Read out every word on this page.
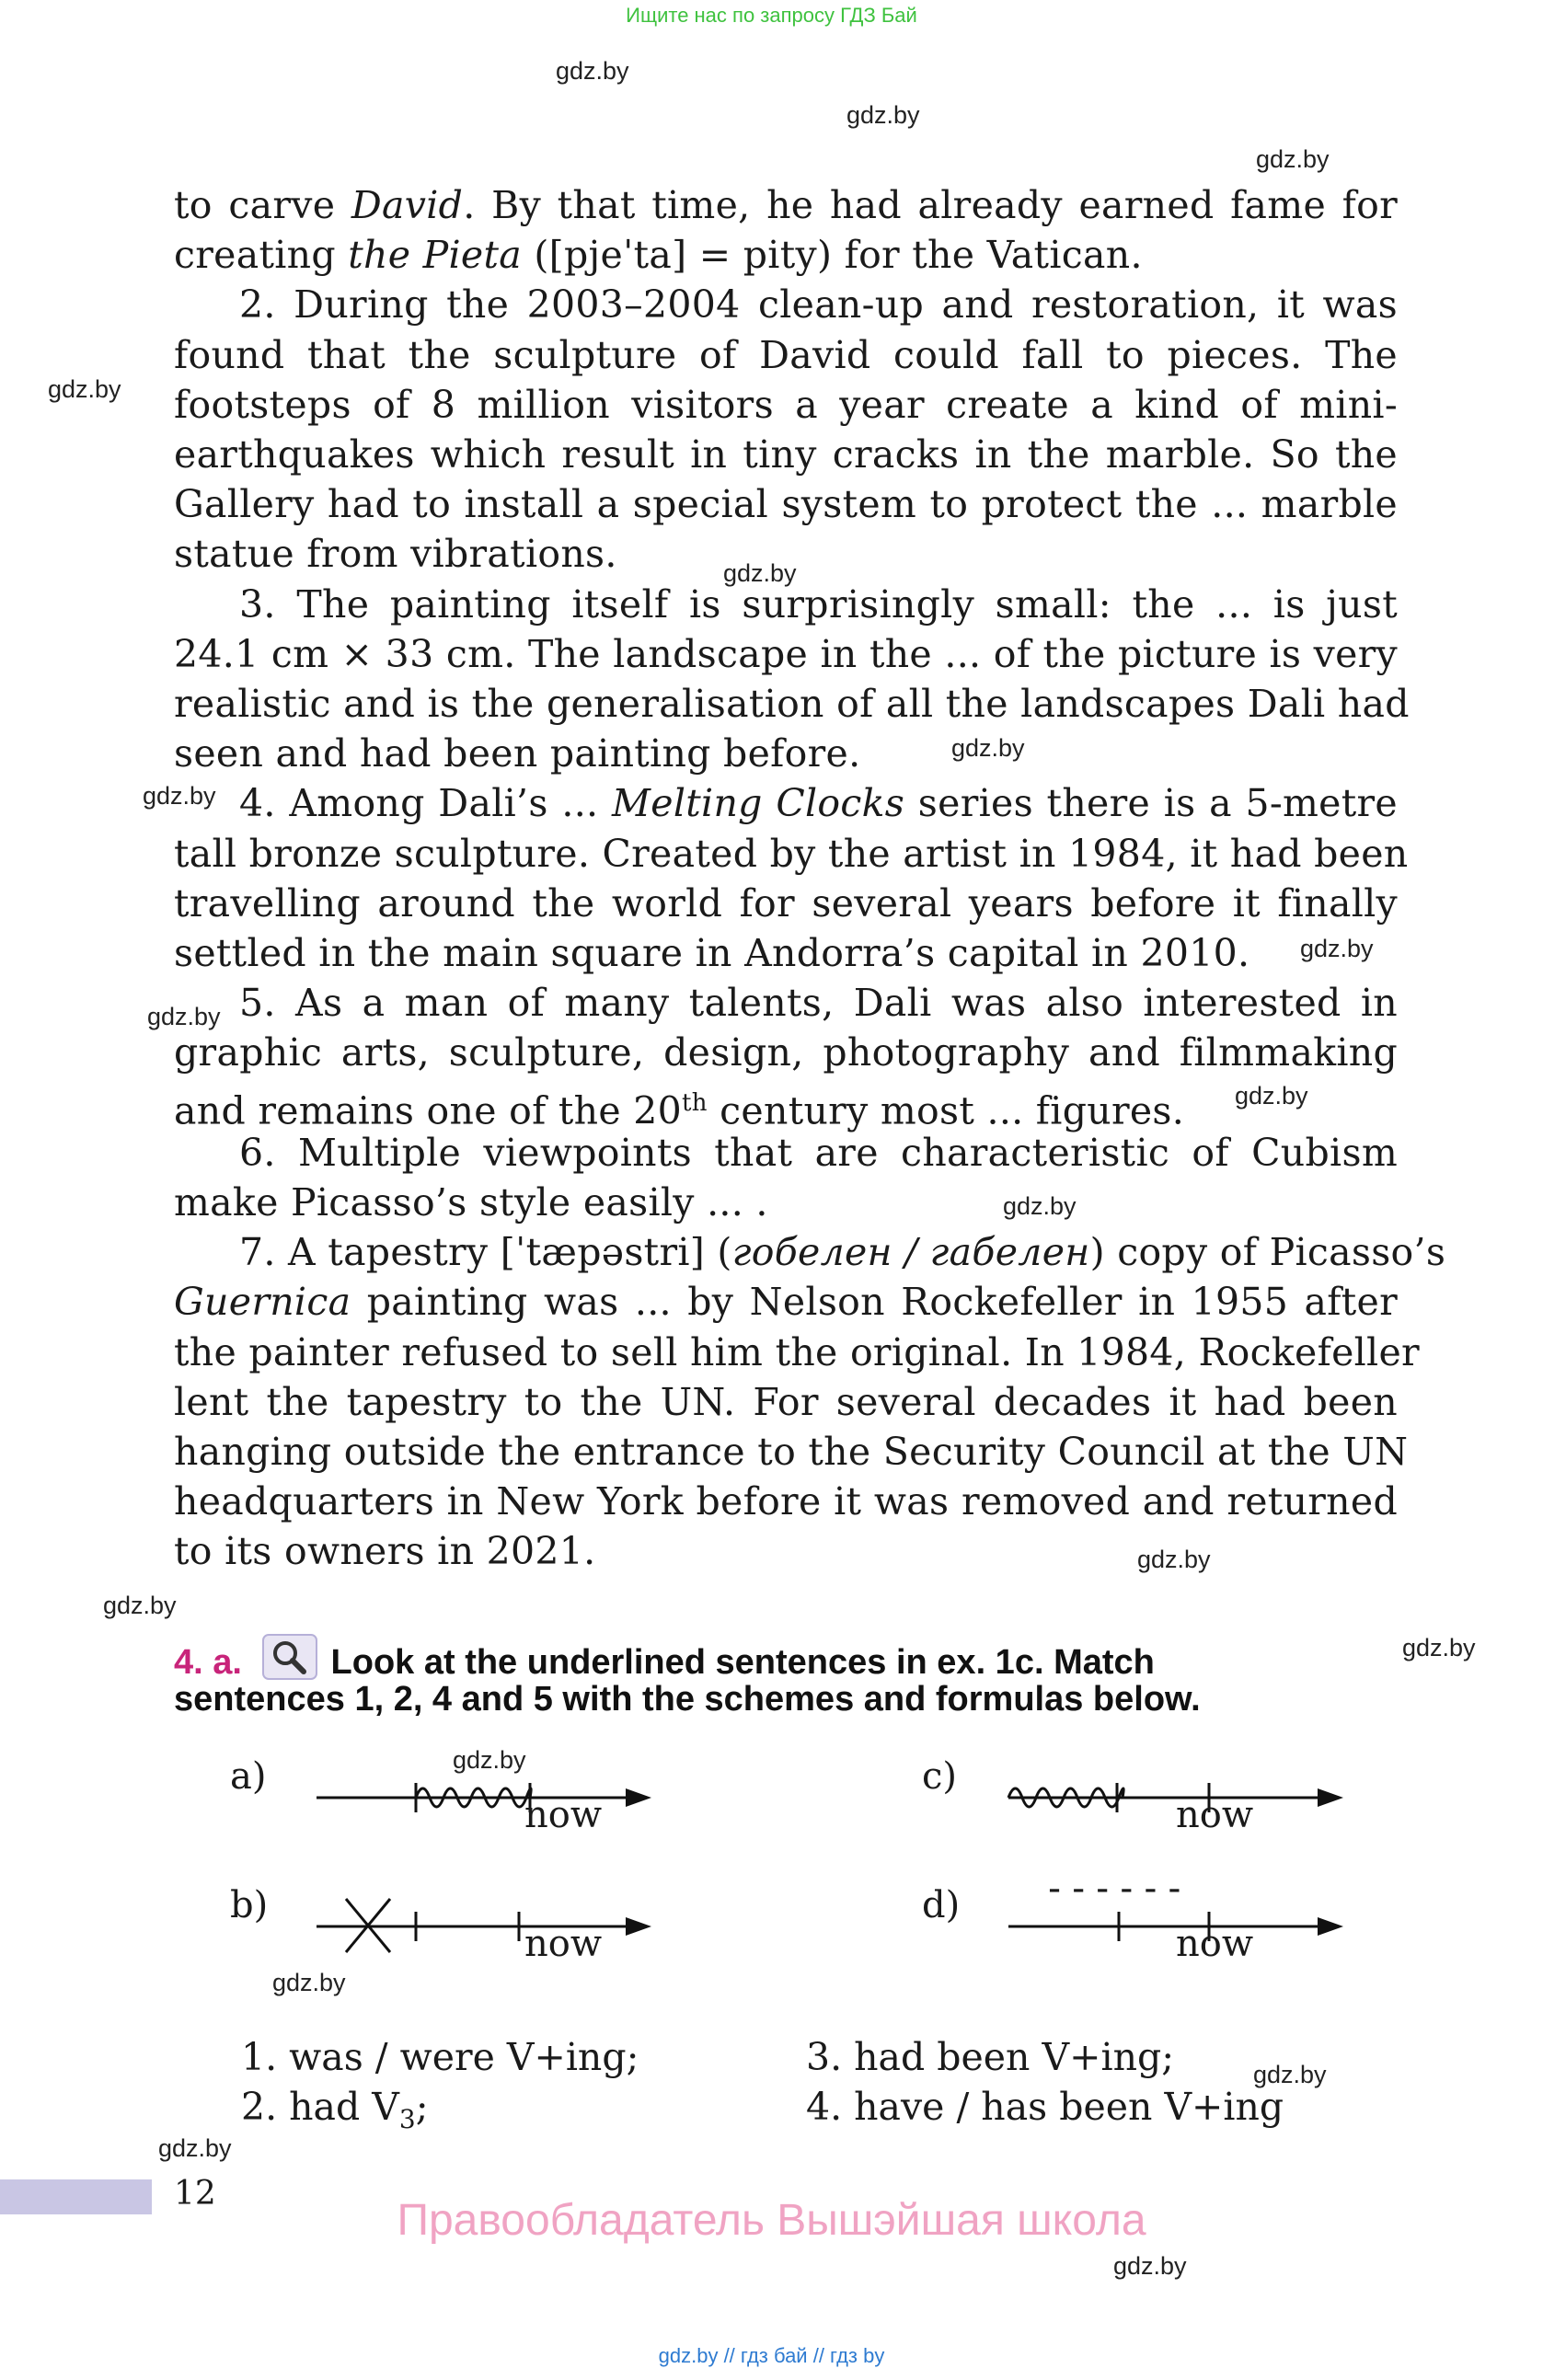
Ищите нас по запросу ГДЗ Бай
gdz.by
gdz.by
gdz.by
gdz.by
gdz.by
gdz.by
gdz.by
gdz.by
gdz.by
gdz.by
gdz.by
gdz.by
gdz.by
gdz.by
gdz.by
gdz.by
gdz.by
gdz.by
gdz.by
to carve David. By that time, he had already earned fame for
creating the Pieta ([pjeˈta] = pity) for the Vatican.
2. During the 2003–2004 clean-up and restoration, it was
found that the sculpture of David could fall to pieces. The
footsteps of 8 million visitors a year create a kind of mini-
earthquakes which result in tiny cracks in the marble. So the
Gallery had to install a special system to protect the ... marble
statue from vibrations.
3. The painting itself is surprisingly small: the ... is just
24.1 cm × 33 cm. The landscape in the ... of the picture is very
realistic and is the generalisation of all the landscapes Dali had
seen and had been painting before.
4. Among Dali’s ... Melting Clocks series there is a 5-metre
tall bronze sculpture. Created by the artist in 1984, it had been
travelling around the world for several years before it finally
settled in the main square in Andorra’s capital in 2010.
5. As a man of many talents, Dali was also interested in
graphic arts, sculpture, design, photography and filmmaking
and remains one of the 20th century most ... figures.
6. Multiple viewpoints that are characteristic of Cubism
make Picasso’s style easily ... .
7. A tapestry [ˈtæpəstri] (гобелен / габелен) copy of Picasso’s
Guernica painting was ... by Nelson Rockefeller in 1955 after
the painter refused to sell him the original. In 1984, Rockefeller
lent the tapestry to the UN. For several decades it had been
hanging outside the entrance to the Security Council at the UN
headquarters in New York before it was removed and returned
to its owners in 2021.
4. a.	Look at the underlined sentences in ex. 1c. Match
sentences 1, 2, 4 and 5 with the schemes and formulas below.
a)
now
b)
now
c)
now
d) ------
now
1. was / were V+ing;
2. had $V_3$;
3. had been V+ing;
4. have / has been V+ing
12
Правообладатель Вышэйшая школа
gdz.by // гдз бай // гдз by
